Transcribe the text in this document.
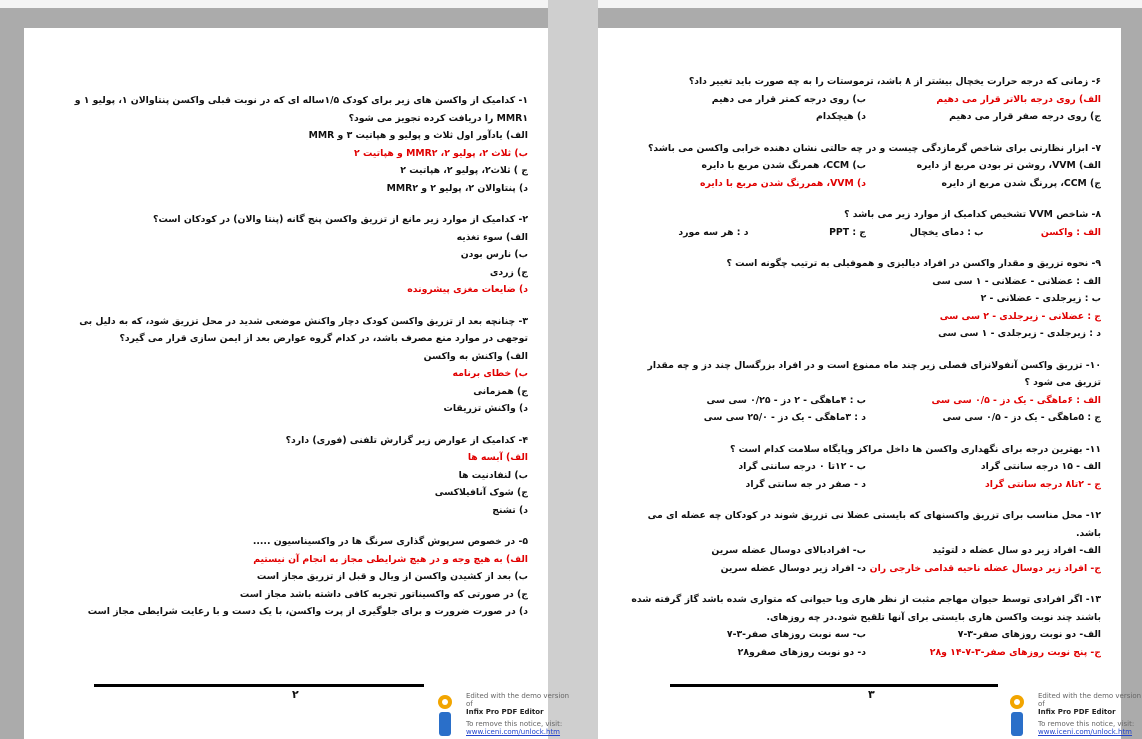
۱- کدامیک از واکسن های زیر برای کودک ۱/۵ساله ای که در نوبت قبلی واکسن پنتاوالان ۱، پولیو ۱ و MMR۱ را دریافت کرده تجویز می شود؟
الف) یادآور اول ثلاث و پولیو و هپاتیت ۳ و MMR
ب) ثلاث ۲، پولیو ۲، MMR۲ و هپاتیت ۲
ج ) ثلاث۲، پولیو ۲، هپاتیت ۲
د) پنتاوالان ۲، پولیو ۲ و MMR۲
۲- کدامیک از موارد زیر مانع از تزریق واکسن پنج گانه (پنتا والان) در کودکان است؟
الف) سوء تغذیه
ب) نارس بودن
ج) زردی
د) ضایعات مغزی پیشرونده
۳- چنانچه بعد از تزریق واکسن کودک دچار واکنش موضعی شدید در محل تزریق شود، که به دلیل بی توجهی در موارد منع مصرف باشد، در کدام گروه عوارض بعد از ایمن سازی قرار می گیرد؟
الف) واکنش به واکسن
ب) خطای برنامه
ج) همزمانی
د) واکنش تزریقات
۴- کدامیک از عوارض زیر گزارش تلفنی (فوری) دارد؟
الف) آبسه ها
ب) لنفادنیت ها
ج) شوک آنافیلاکسی
د) تشنج
۵- در خصوص سرپوش گذاری سرنگ ها در واکسیناسیون .....
الف) به هیچ وجه و در هیچ شرایطی مجاز به انجام آن نیستیم
ب) بعد از کشیدن واکسن از ویال و قبل از تزریق مجاز است
ج) در صورتی که واکسیناتور تجربه کافی داشته باشد مجاز است
د) در صورت ضرورت و برای جلوگیری از پرت واکسن، با یک دست و با رعایت شرایطی مجاز است
۲
۶- زمانی که درجه حرارت یخچال بیشتر از ۸ باشد، ترموستات را به چه صورت باید تغییر داد؟
الف) روی درجه بالاتر قرار می دهیم
ب) روی درجه کمتر قرار می دهیم
ج) روی درجه صفر قرار می دهیم
د) هیچکدام
۷- ابزار نظارتی برای شاخص گرمازدگی چیست و در چه حالتی نشان دهنده خرابی واکسن می باشد؟
الف) VVM، روشن تر بودن مربع از دایره
ب) CCM، همرنگ شدن مربع با دایره
ج) CCM، پررنگ شدن مربع از دایره
د) VVM، همررنگ شدن مربع با دایره
۸- شاخص VVM تشخیص کدامیک از موارد زیر می باشد ؟
الف : واکسن
ب : دمای یخچال
ج : PPT
د : هر سه مورد
۹- نحوه تزریق و مقدار واکسن در افراد دیالیزی و هموفیلی به ترتیب چگونه است ؟
الف : عضلانی - عضلانی - ۱ سی سی
ب : زیرجلدی - عضلانی - ۲
ج : عضلانی - زیرجلدی - ۲ سی سی
د : زیرجلدی - زیرجلدی - ۱ سی سی
۱۰- تزریق واکسن آنفولانزای فصلی زیر چند ماه ممنوع است و در افراد بزرگسال چند دز و چه مقدار تزریق می شود ؟
الف : ۶ماهگی - یک دز - ۰/۵ سی سی
ب : ۴ماهگی - ۲ دز - ۰/۲۵ سی سی
ج : ۵ماهگی - یک دز - ۰/۵ سی سی
د : ۳ماهگی - یک دز - ۲۵/۰ سی سی
۱۱- بهترین درجه برای نگهداری واکسن ها داخل مراکز وپایگاه سلامت کدام است ؟
الف - ۱۵ درجه سانتی گراد
ب - ۱۲تا ۰ درجه سانتی گراد
ج - ۲تا۸ درجه سانتی گراد
د - صفر در جه سانتی گراد
۱۲- محل مناسب برای تزریق واکسنهای که بایستی عضلا نی تزریق شوند در کودکان چه عضله ای می باشد.
الف- افراد زیر دو سال عضله د لتوئید
ب- افرادبالای دوسال عضله سرین
ج- افراد زیر دوسال عضله ناحیه قدامی خارجی ران
د- افراد زیر دوسال عضله سرین
۱۳- اگر افرادی توسط حیوان مهاجم مثبت از نظر هاری ویا حیوانی که متواری شده باشد گاز گرفته شده باشند چند نوبت واکسن هاری بایستی برای آنها تلقیح شود.در چه روزهای.
الف- دو نوبت روزهای صفر-۳-۷
ب- سه نوبت روزهای صفر-۳-۷
ج- پنج نوبت روزهای صفر-۳-۷-۱۴ و۲۸
د- دو نوبت روزهای صفرو۲۸
۳
Edited with the demo version of
Infix Pro PDF Editor
To remove this notice, visit:
www.iceni.com/unlock.htm
Edited with the demo version of
Infix Pro PDF Editor
To remove this notice, visit:
www.iceni.com/unlock.htm
